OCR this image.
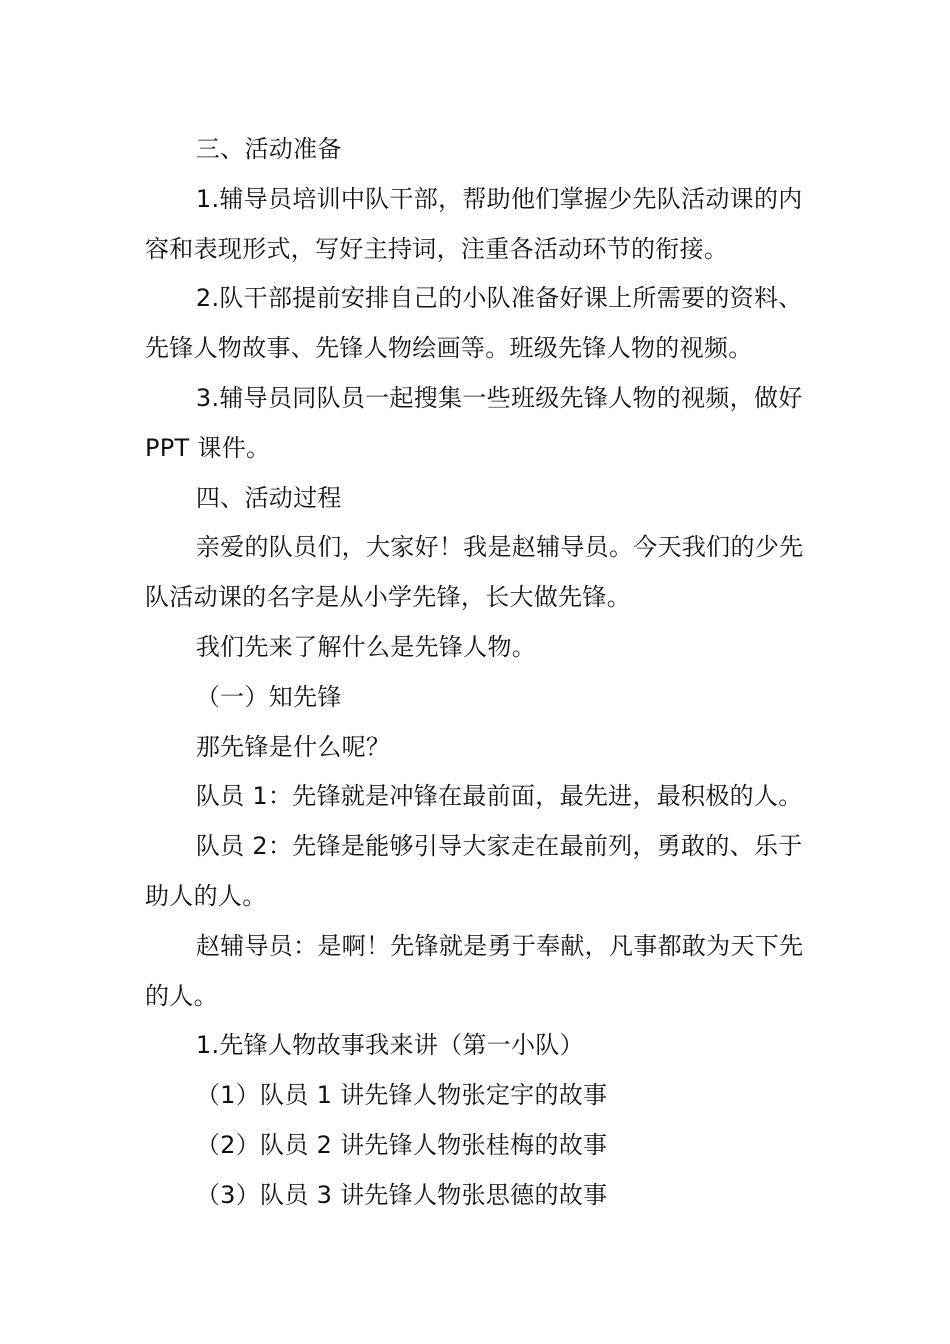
三、活动准备

1.辅导员培训中队干部，帮助他们掌握少先队活动课的内容和表现形式，写好主持词，注重各活动环节的衔接。

2.队干部提前安排自己的小队准备好课上所需要的资料、先锋人物故事、先锋人物绘画等。班级先锋人物的视频。

3.辅导员同队员一起搜集一些班级先锋人物的视频，做好 PPT 课件。

四、活动过程

亲爱的队员们，大家好！我是赵辅导员。今天我们的少先队活动课的名字是从小学先锋，长大做先锋。

我们先来了解什么是先锋人物。

（一）知先锋

那先锋是什么呢？

队员 1：先锋就是冲锋在最前面，最先进，最积极的人。

队员 2：先锋是能够引导大家走在最前列，勇敢的、乐于助人的人。

赵辅导员：是啊！先锋就是勇于奉献，凡事都敢为天下先的人。

1.先锋人物故事我来讲（第一小队）

（1）队员 1 讲先锋人物张定宇的故事

（2）队员 2 讲先锋人物张桂梅的故事

（3）队员 3 讲先锋人物张思德的故事
